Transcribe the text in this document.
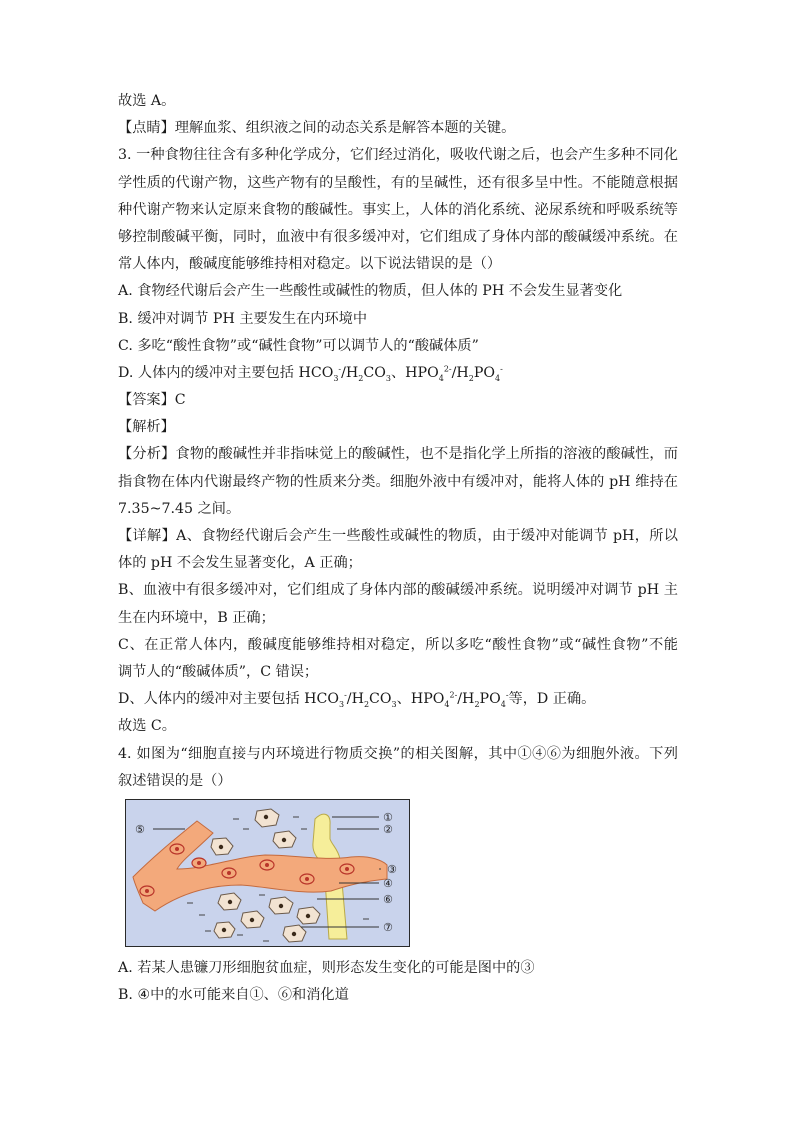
故选 A。
【点睛】理解血浆、组织液之间的动态关系是解答本题的关键。
3. 一种食物往往含有多种化学成分，它们经过消化，吸收代谢之后，也会产生多种不同化
学性质的代谢产物，这些产物有的呈酸性，有的呈碱性，还有很多呈中性。不能随意根据
种代谢产物来认定原来食物的酸碱性。事实上，人体的消化系统、泌尿系统和呼吸系统等
够控制酸碱平衡，同时，血液中有很多缓冲对，它们组成了身体内部的酸碱缓冲系统。在
常人体内，酸碱度能够维持相对稳定。以下说法错误的是（）
A. 食物经代谢后会产生一些酸性或碱性的物质，但人体的 PH 不会发生显著变化
B. 缓冲对调节 PH 主要发生在内环境中
C. 多吃“酸性食物”或“碱性食物”可以调节人的“酸碱体质”
D. 人体内的缓冲对主要包括 $HCO_3^-/H_2CO_3$、$HPO_4^{2-}/H_2PO_4^-$
【答案】C
【解析】
【分析】食物的酸碱性并非指味觉上的酸碱性，也不是指化学上所指的溶液的酸碱性，而
指食物在体内代谢最终产物的性质来分类。细胞外液中有缓冲对，能将人体的 pH 维持在
7.35~7.45 之间。
【详解】A、食物经代谢后会产生一些酸性或碱性的物质，由于缓冲对能调节 pH，所以
体的 pH 不会发生显著变化，A 正确；
B、血液中有很多缓冲对，它们组成了身体内部的酸碱缓冲系统。说明缓冲对调节 pH 主
生在内环境中，B 正确；
C、在正常人体内，酸碱度能够维持相对稳定，所以多吃“酸性食物”或“碱性食物”不能
调节人的“酸碱体质”，C 错误；
D、人体内的缓冲对主要包括 $HCO_3^-/H_2CO_3$、$HPO_4^{2-}/H_2PO_4^-$等，D 正确。
故选 C。
4. 如图为“细胞直接与内环境进行物质交换”的相关图解，其中①④⑥为细胞外液。下列
叙述错误的是（）
⑤
①
②
③
④
⑥
⑦
A. 若某人患镰刀形细胞贫血症，则形态发生变化的可能是图中的③
B. ④中的水可能来自①、⑥和消化道
